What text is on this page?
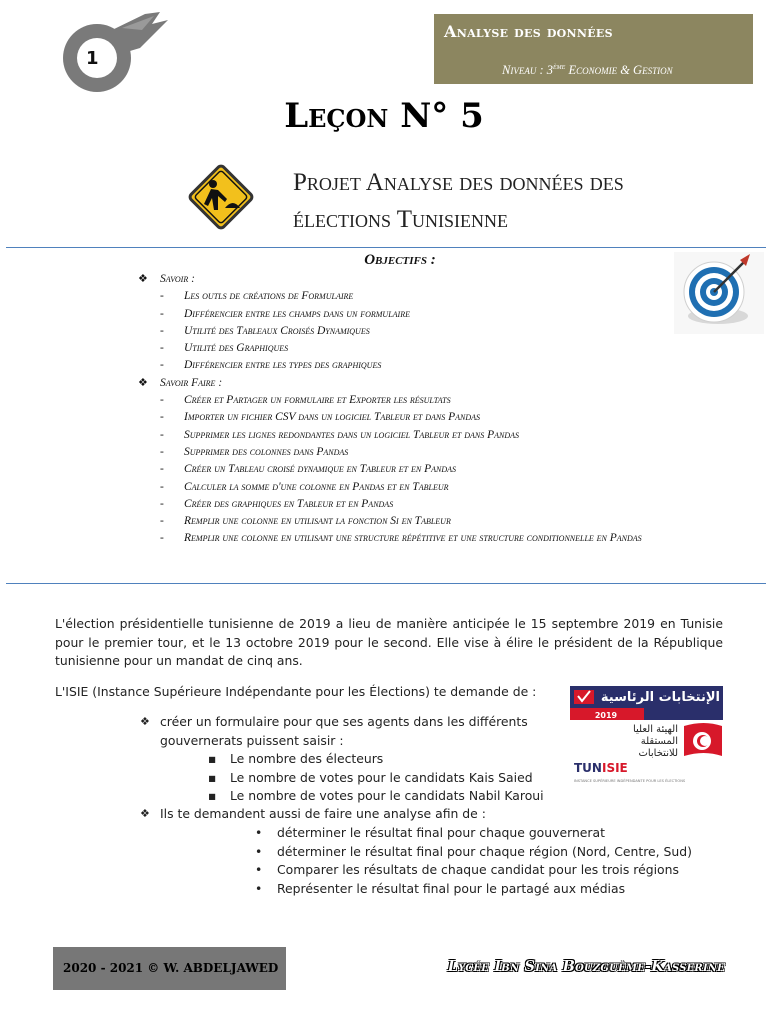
1
Analyse des données
Niveau : 3ème Economie & Gestion
Leçon N° 5
Projet Analyse des données des
élections Tunisienne
Objectifs :
❖ Savoir :
- Les outls de créations de Formulaire
- Différencier entre les champs dans un formulaire
- Utilité des Tableaux Croisés Dynamiques
- Utilité des Graphiques
- Différencier entre les types des graphiques
❖ Savoir Faire :
- Créer et Partager un formulaire et Exporter les résultats
- Importer un fichier CSV dans un logiciel Tableur et dans Pandas
- Supprimer les lignes redondantes dans un logiciel Tableur et dans Pandas
- Supprimer des colonnes dans Pandas
- Créer un Tableau croisé dynamique en Tableur et en Pandas
- Calculer la somme d'une colonne en Pandas et en Tableur
- Créer des graphiques en Tableur et en Pandas
- Remplir une colonne en utilisant la fonction Si en Tableur
- Remplir une colonne en utilisant une structure répétitive et une structure conditionnelle en Pandas

L'élection présidentielle tunisienne de 2019 a lieu de manière anticipée le 15 septembre 2019 en Tunisie pour le premier tour, et le 13 octobre 2019 pour le second. Elle vise à élire le président de la République tunisienne pour un mandat de cinq ans.

L'ISIE (Instance Supérieure Indépendante pour les Élections) te demande de :
❖ créer un formulaire pour que ses agents dans les différents
gouvernerats puissent saisir :
▪ Le nombre des électeurs
▪ Le nombre de votes pour le candidats Kais Saied
▪ Le nombre de votes pour le candidats Nabil Karoui
❖ Ils te demandent aussi de faire une analyse afin de :
• déterminer le résultat final pour chaque gouvernerat
• déterminer le résultat final pour chaque région (Nord, Centre, Sud)
• Comparer les résultats de chaque candidat pour les trois régions
• Représenter le résultat final pour le partagé aux médias
الإنتخابات الرئاسية
2019
الهيئة العليا
المستقلة
للانتخابات
TUNISIE
INSTANCE SUPÉRIEURE INDÉPENDANTE POUR LES ÉLECTIONS
2020 - 2021 © W. ABDELJAWED	Lycée Ibn Sina Bouzguème-Kasserine
